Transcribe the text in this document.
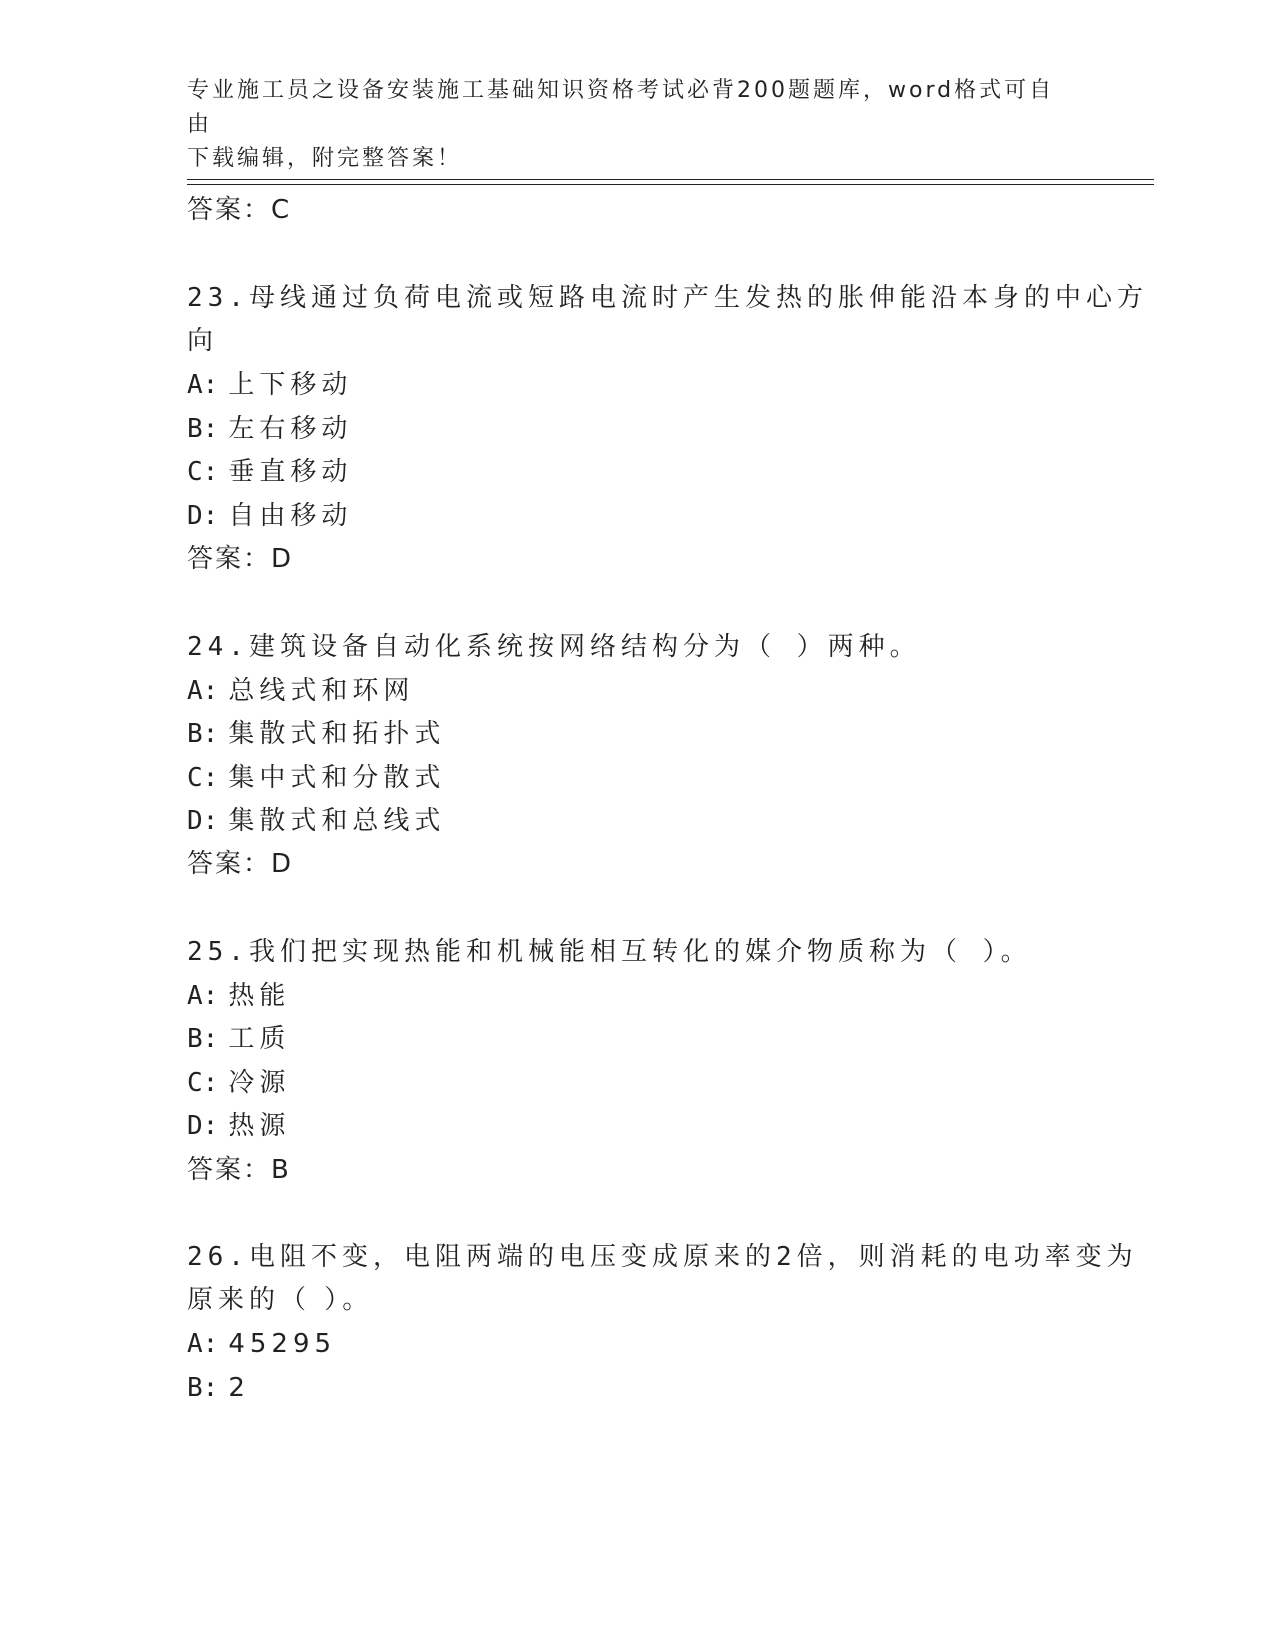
专业施工员之设备安装施工基础知识资格考试必背200题题库，word格式可自由
下载编辑，附完整答案！
答案：C
23.母线通过负荷电流或短路电流时产生发热的胀伸能沿本身的中心方
向
A: 上下移动
B: 左右移动
C: 垂直移动
D: 自由移动
答案：D
24.建筑设备自动化系统按网络结构分为（ ）两种。
A: 总线式和环网
B: 集散式和拓扑式
C: 集中式和分散式
D: 集散式和总线式
答案：D
25.我们把实现热能和机械能相互转化的媒介物质称为（ ）。
A: 热能
B: 工质
C: 冷源
D: 热源
答案：B
26.电阻不变，电阻两端的电压变成原来的2倍，则消耗的电功率变为
原来的（ ）。
A: 45295
B: 2
